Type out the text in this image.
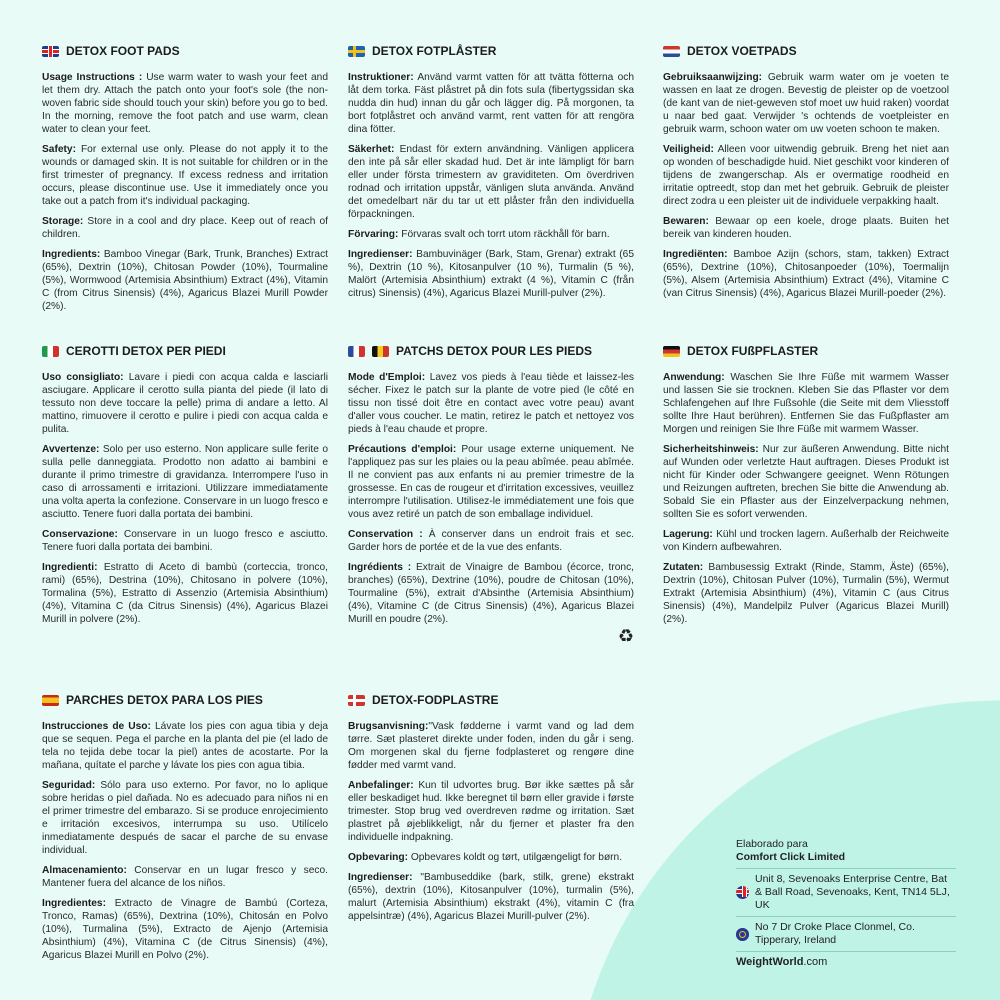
DETOX FOOT PADS

Usage Instructions : Use warm water to wash your feet and let them dry. Attach the patch onto your foot's sole (the non-woven fabric side should touch your skin) before you go to bed. In the morning, remove the foot patch and use warm, clean water to clean your feet.

Safety: For external use only. Please do not apply it to the wounds or damaged skin. It is not suitable for children or in the first trimester of pregnancy. If excess redness and irritation occurs, please discontinue use. Use it immediately once you take out a patch from it's individual packaging.

Storage: Store in a cool and dry place. Keep out of reach of children.

Ingredients: Bamboo Vinegar (Bark, Trunk, Branches) Extract (65%), Dextrin (10%), Chitosan Powder (10%), Tourmaline (5%), Wormwood (Artemisia Absinthium) Extract (4%), Vitamin C (from Citrus Sinensis) (4%), Agaricus Blazei Murill Powder (2%).

DETOX FOTPLÅSTER

Instruktioner: Använd varmt vatten för att tvätta fötterna och låt dem torka. Fäst plåstret på din fots sula (fibertygssidan ska nudda din hud) innan du går och lägger dig. På morgonen, ta bort fotplåstret och använd varmt, rent vatten för att rengöra dina fötter.

Säkerhet: Endast för extern användning. Vänligen applicera den inte på sår eller skadad hud. Det är inte lämpligt för barn eller under första trimestern av graviditeten. Om överdriven rodnad och irritation uppstår, vänligen sluta använda. Använd det omedelbart när du tar ut ett plåster från den individuella förpackningen.

Förvaring: Förvaras svalt och torrt utom räckhåll för barn.

Ingredienser: Bambuvinäger (Bark, Stam, Grenar) extrakt (65 %), Dextrin (10 %), Kitosanpulver (10 %), Turmalin (5 %), Malört (Artemisia Absinthium) extrakt (4 %), Vitamin C (från citrus) Sinensis) (4%), Agaricus Blazei Murill-pulver (2%).

DETOX VOETPADS

Gebruiksaanwijzing: Gebruik warm water om je voeten te wassen en laat ze drogen. Bevestig de pleister op de voetzool (de kant van de niet-geweven stof moet uw huid raken) voordat u naar bed gaat. Verwijder 's ochtends de voetpleister en gebruik warm, schoon water om uw voeten schoon te maken.

Veiligheid: Alleen voor uitwendig gebruik. Breng het niet aan op wonden of beschadigde huid. Niet geschikt voor kinderen of tijdens de zwangerschap. Als er overmatige roodheid en irritatie optreedt, stop dan met het gebruik. Gebruik de pleister direct zodra u een pleister uit de individuele verpakking haalt.

Bewaren: Bewaar op een koele, droge plaats. Buiten het bereik van kinderen houden.

Ingrediënten: Bamboe Azijn (schors, stam, takken) Extract (65%), Dextrine (10%), Chitosanpoeder (10%), Toermalijn (5%), Alsem (Artemisia Absinthium) Extract (4%), Vitamine C (van Citrus Sinensis) (4%), Agaricus Blazei Murill-poeder (2%).

CEROTTI DETOX PER PIEDI

Uso consigliato: Lavare i piedi con acqua calda e lasciarli asciugare. Applicare il cerotto sulla pianta del piede (il lato di tessuto non deve toccare la pelle) prima di andare a letto. Al mattino, rimuovere il cerotto e pulire i piedi con acqua calda e pulita.

Avvertenze: Solo per uso esterno. Non applicare sulle ferite o sulla pelle danneggiata. Prodotto non adatto ai bambini e durante il primo trimestre di gravidanza. Interrompere l'uso in caso di arrossamenti e irritazioni. Utilizzare immediatamente una volta aperta la confezione. Conservare in un luogo fresco e asciutto. Tenere fuori dalla portata dei bambini.

Conservazione: Conservare in un luogo fresco e asciutto. Tenere fuori dalla portata dei bambini.

Ingredienti: Estratto di Aceto di bambù (corteccia, tronco, rami) (65%), Destrina (10%), Chitosano in polvere (10%), Tormalina (5%), Estratto di Assenzio (Artemisia Absinthium) (4%), Vitamina C (da Citrus Sinensis) (4%), Agaricus Blazei Murill in polvere (2%).

PATCHS DETOX POUR LES PIEDS

Mode d'Emploi: Lavez vos pieds à l'eau tiède et laissez-les sécher. Fixez le patch sur la plante de votre pied (le côté en tissu non tissé doit être en contact avec votre peau) avant d'aller vous coucher. Le matin, retirez le patch et nettoyez vos pieds à l'eau chaude et propre.

Précautions d'emploi: Pour usage externe uniquement. Ne l'appliquez pas sur les plaies ou la peau abîmée. peau abîmée. Il ne convient pas aux enfants ni au premier trimestre de la grossesse. En cas de rougeur et d'irritation excessives, veuillez interrompre l'utilisation. Utilisez-le immédiatement une fois que vous avez retiré un patch de son emballage individuel.

Conservation : À conserver dans un endroit frais et sec. Garder hors de portée et de la vue des enfants.

Ingrédients : Extrait de Vinaigre de Bambou (écorce, tronc, branches) (65%), Dextrine (10%), poudre de Chitosan (10%), Tourmaline (5%), extrait d'Absinthe (Artemisia Absinthium) (4%), Vitamine C (de Citrus Sinensis) (4%), Agaricus Blazei Murill en poudre (2%).

DETOX FUßPFLASTER

Anwendung: Waschen Sie Ihre Füße mit warmem Wasser und lassen Sie sie trocknen. Kleben Sie das Pflaster vor dem Schlafengehen auf Ihre Fußsohle (die Seite mit dem Vliesstoff sollte Ihre Haut berühren). Entfernen Sie das Fußpflaster am Morgen und reinigen Sie Ihre Füße mit warmem Wasser.

Sicherheitshinweis: Nur zur äußeren Anwendung. Bitte nicht auf Wunden oder verletzte Haut auftragen. Dieses Produkt ist nicht für Kinder oder Schwangere geeignet. Wenn Rötungen und Reizungen auftreten, brechen Sie bitte die Anwendung ab. Sobald Sie ein Pflaster aus der Einzelverpackung nehmen, sollten Sie es sofort verwenden.

Lagerung: Kühl und trocken lagern. Außerhalb der Reichweite von Kindern aufbewahren.

Zutaten: Bambusessig Extrakt (Rinde, Stamm, Äste) (65%), Dextrin (10%), Chitosan Pulver (10%), Turmalin (5%), Wermut Extrakt (Artemisia Absinthium) (4%), Vitamin C (aus Citrus Sinensis) (4%), Mandelpilz Pulver (Agaricus Blazei Murill) (2%).

PARCHES DETOX PARA LOS PIES

Instrucciones de Uso: Lávate los pies con agua tibia y deja que se sequen. Pega el parche en la planta del pie (el lado de tela no tejida debe tocar la piel) antes de acostarte. Por la mañana, quítate el parche y lávate los pies con agua tibia.

Seguridad: Sólo para uso externo. Por favor, no lo aplique sobre heridas o piel dañada. No es adecuado para niños ni en el primer trimestre del embarazo. Si se produce enrojecimiento e irritación excesivos, interrumpa su uso. Utilícelo inmediatamente después de sacar el parche de su envase individual.

Almacenamiento: Conservar en un lugar fresco y seco. Mantener fuera del alcance de los niños.

Ingredientes: Extracto de Vinagre de Bambú (Corteza, Tronco, Ramas) (65%), Dextrina (10%), Chitosán en Polvo (10%), Turmalina (5%), Extracto de Ajenjo (Artemisia Absinthium) (4%), Vitamina C (de Citrus Sinensis) (4%), Agaricus Blazei Murill en Polvo (2%).

DETOX-FODPLASTRE

Brugsanvisning:"Vask fødderne i varmt vand og lad dem tørre. Sæt plasteret direkte under foden, inden du går i seng. Om morgenen skal du fjerne fodplasteret og rengøre dine fødder med varmt vand.

Anbefalinger: Kun til udvortes brug. Bør ikke sættes på sår eller beskadiget hud. Ikke beregnet til børn eller gravide i første trimester. Stop brug ved overdreven rødme og irritation. Sæt plastret på øjeblikkeligt, når du fjerner et plaster fra den individuelle indpakning.

Opbevaring: Opbevares koldt og tørt, utilgængeligt for børn.

Ingredienser: "Bambuseddike (bark, stilk, grene) ekstrakt (65%), dextrin (10%), Kitosanpulver (10%), turmalin (5%), malurt (Artemisia Absinthium) ekstrakt (4%), vitamin C (fra appelsintræ) (4%), Agaricus Blazei Murill-pulver (2%).

♻
Elaborado para
Comfort Click Limited
Unit 8, Sevenoaks Enterprise Centre, Bat & Ball Road, Sevenoaks, Kent, TN14 5LJ, UK
No 7 Dr Croke Place Clonmel, Co. Tipperary, Ireland
WeightWorld.com
